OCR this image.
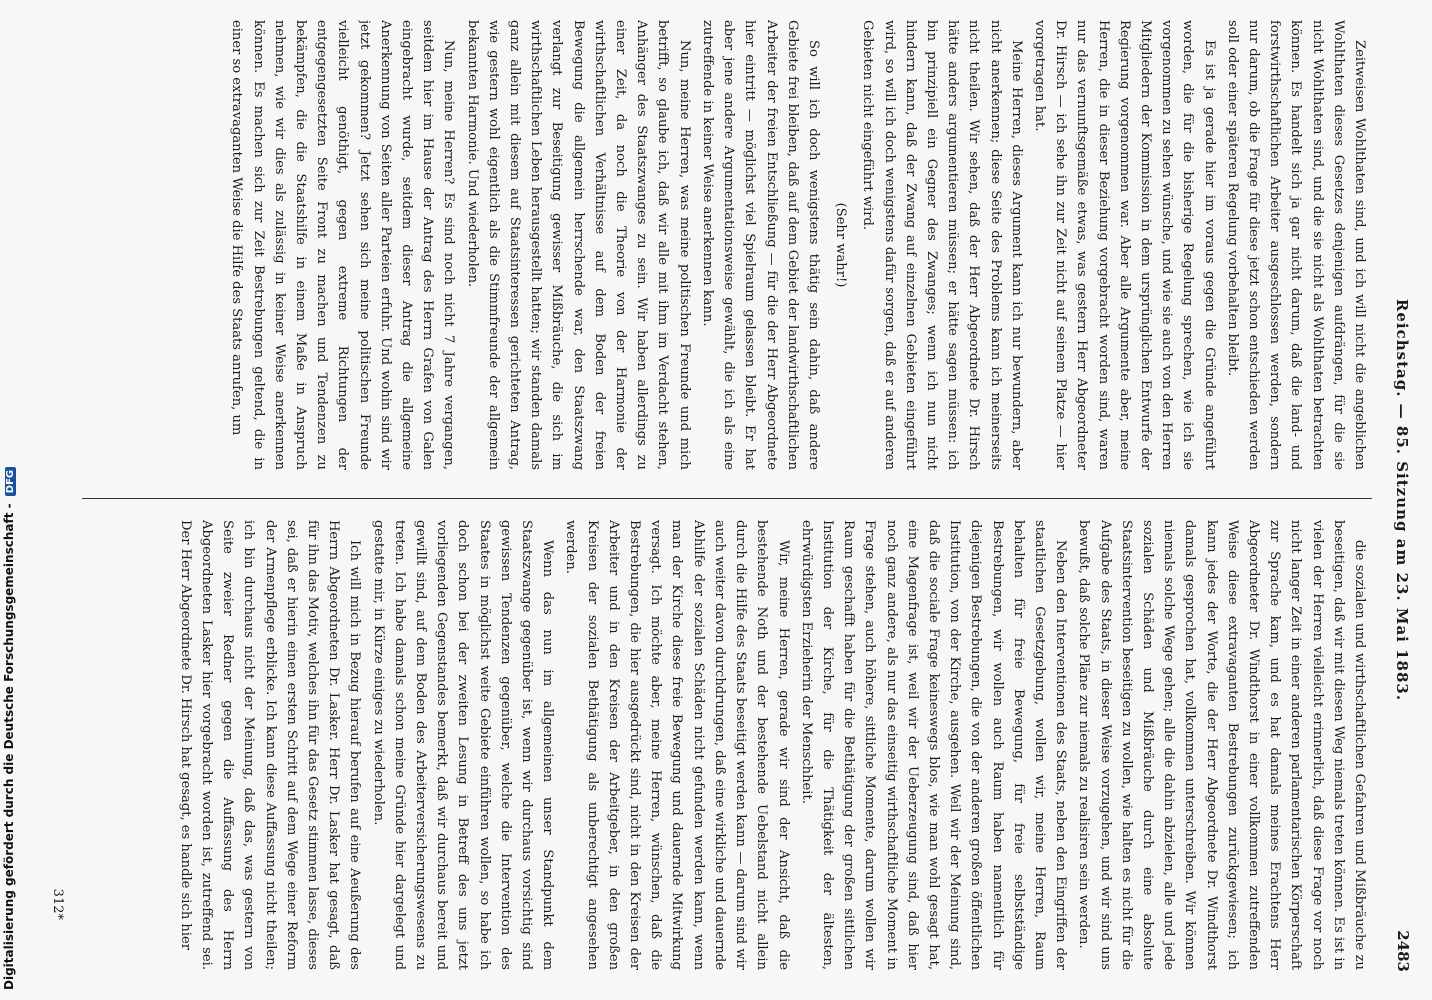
Reichstag. — 85. Sitzung am 23. Mai 1883.
2483

Zeitweisen Wohlthaten sind, und ich will nicht die angeblichen Wohlthaten dieses Gesetzes denjenigen aufdrängen, für die sie nicht Wohlthaten sind, und die sie nicht als Wohlthaten betrachten können. Es handelt sich ja gar nicht darum, daß die land- und forstwirthschaftlichen Arbeiter ausgeschlossen werden, sondern nur darum, ob die Frage für diese jetzt schon entschieden werden soll oder einer späteren Regelung vorbehalten bleibt.

Es ist ja gerade hier im voraus gegen die Gründe angeführt worden, die für die bisherige Regelung sprechen, wie ich sie vorgenommen zu sehen wünsche, und wie sie auch von den Herren Mitgliedern der Kommission in dem ursprünglichen Entwurfe der Regierung vorgenommen war. Aber alle Argumente aber, meine Herren, die in dieser Beziehung vorgebracht worden sind, waren nur das vernunftsgemäße etwas, was gestern Herr Abgeordneter Dr. Hirsch — ich sehe ihn zur Zeit nicht auf seinem Platze — hier vorgetragen hat.

Meine Herren, dieses Argument kann ich nur bewundern, aber nicht anerkennen; diese Seite des Problems kann ich meinerseits nicht theilen. Wir sehen, daß der Herr Abgeordnete Dr. Hirsch hätte anders argumentieren müssen; er hätte sagen müssen: ich bin prinzipiell ein Gegner des Zwanges; wenn ich nun nicht hindern kann, daß der Zwang auf einzelnen Gebieten eingeführt wird, so will ich doch wenigstens dafür sorgen, daß er auf anderen Gebieten nicht eingeführt wird.

(Sehr wahr!)

So will ich doch wenigstens thätig sein dahin, daß andere Gebiete frei bleiben, daß auf dem Gebiet der landwirthschaftlichen Arbeiter der freien Entschließung — für die der Herr Abgeordnete hier eintritt — möglichst viel Spielraum gelassen bleibt. Er hat aber jene andere Argumentationsweise gewählt, die ich als eine zutreffende in keiner Weise anerkennen kann.

Nun, meine Herren, was meine politischen Freunde und mich betrifft, so glaube ich, daß wir alle mit ihm im Verdacht stehen, Anhänger des Staatszwanges zu sein. Wir haben allerdings zu einer Zeit, da noch die Theorie von der Harmonie der wirthschaftlichen Verhältnisse auf dem Boden der freien Bewegung die allgemein herrschende war, den Staatszwang verlangt zur Beseitigung gewisser Mißbräuche, die sich im wirthschaftlichen Leben herausgestellt hatten; wir standen damals ganz allein mit diesem auf Staatsinteressen gerichteten Antrag, wie gestern wohl eigentlich als die Stimmfreunde der allgemein bekannten Harmonie. Und wiederholen.

Nun, meine Herren? Es sind noch nicht 7 Jahre vergangen, seitdem hier im Hause der Antrag des Herrn Grafen von Galen eingebracht wurde, seitdem dieser Antrag die allgemeine Anerkennung von Seiten aller Parteien erfuhr. Und wohin sind wir jetzt gekommen? Jetzt sehen sich meine politischen Freunde vielleicht genöthigt, gegen extreme Richtungen der entgegengesetzten Seite Front zu machen und Tendenzen zu bekämpfen, die die Staatshilfe in einem Maße in Anspruch nehmen, wie wir dies als zulässig in keiner Weise anerkennen können. Es machen sich zur Zeit Bestrebungen geltend, die in einer so extravaganten Weise die Hilfe des Staats anrufen, um

die sozialen und wirthschaftlichen Gefahren und Mißbräuche zu beseitigen, daß wir mit diesen Weg niemals treten können. Es ist in vielen der Herren vielleicht erinnerlich, daß diese Frage vor noch nicht langer Zeit in einer anderen parlamentarischen Körperschaft zur Sprache kam, und es hat damals meines Erachtens Herr Abgeordneter Dr. Windthorst in einer vollkommen zutreffenden Weise diese extravaganten Bestrebungen zurückgewiesen; ich kann jedes der Worte, die der Herr Abgeordnete Dr. Windthorst damals gesprochen hat, vollkommen unterschreiben. Wir können niemals solche Wege gehen; alle die dahin abzielen, alle und jede sozialen Schäden und Mißbräuche durch eine absolute Staatsintervention beseitigen zu wollen, wie halten es nicht für die Aufgabe des Staats, in dieser Weise vorzugehen, und wir sind uns bewußt, daß solche Pläne zur niemals zu realisiren sein werden.

Neben den Interventionen des Staats, neben den Eingriffen der staatlichen Gesetzgebung, wollen wir, meine Herren, Raum behalten für freie Bewegung, für freie selbstständige Bestrebungen, wir wollen auch Raum haben namentlich für diejenigen Bestrebungen, die von der anderen großen öffentlichen Institution, von der Kirche, ausgehen. Weil wir der Meinung sind, daß die sociale Frage keineswegs blos, wie man wohl gesagt hat, eine Magenfrage ist, weil wir der Ueberzeugung sind, daß hier noch ganz andere, als nur das einseitig wirthschaftliche Moment in Frage stehen, auch höhere, sittliche Momente, darum wollen wir Raum geschafft haben für die Bethätigung der großen sittlichen Institution der Kirche, für die Thätigkeit der ältesten, ehrwürdigsten Erzieherin der Menschheit.

Wir, meine Herren, gerade wir sind der Ansicht, daß die bestehende Noth und der bestehende Uebelstand nicht allein durch die Hilfe des Staats beseitigt werden kann — darum sind wir auch weiter davon durchdrungen, daß eine wirkliche und dauernde Abhilfe der sozialen Schäden nicht gefunden werden kann, wenn man der Kirche diese freie Bewegung und dauernde Mitwirkung versagt. Ich möchte aber, meine Herren, wünschen, daß die Bestrebungen, die hier ausgedrückt sind, nicht in den Kreisen der Arbeiter und in den Kreisen der Arbeitgeber, in den großen Kreisen der sozialen Bethätigung als unberechtigt angesehen werden.

Wenn das nun im allgemeinen unser Standpunkt dem Staatszwange gegenüber ist, wenn wir durchaus vorsichtig sind gewissen Tendenzen gegenüber, welche die Intervention des Staates in möglichst weite Gebiete einführen wollen, so habe ich doch schon bei der zweiten Lesung in Betreff des uns jetzt vorliegenden Gegenstandes bemerkt, daß wir durchaus bereit und gewillt sind, auf dem Boden des Arbeiterversicherungswesens zu treten. Ich habe damals schon meine Gründe hier dargelegt und gestatte mir, in Kürze einiges zu wiederholen.

Ich will mich in Bezug hierauf berufen auf eine Aeußerung des Herrn Abgeordneten Dr. Lasker. Herr Dr. Lasker hat gesagt, daß für ihn das Motiv, welches ihn für das Gesetz stimmen lasse, dieses sei, daß er hierin einen ersten Schritt auf dem Wege einer Reform der Armenpflege erblicke. Ich kann diese Auffassung nicht theilen; ich bin durchaus nicht der Meinung, daß das, was gestern von Seite zweier Redner gegen die Auffassung des Herrn Abgeordneten Lasker hier vorgebracht worden ist, zutreffend sei. Der Herr Abgeordnete Dr. Hirsch hat gesagt, es handle sich hier

312*
Digitalisierung gefördert durch die Deutsche Forschungsgemeinschaft - DFG
